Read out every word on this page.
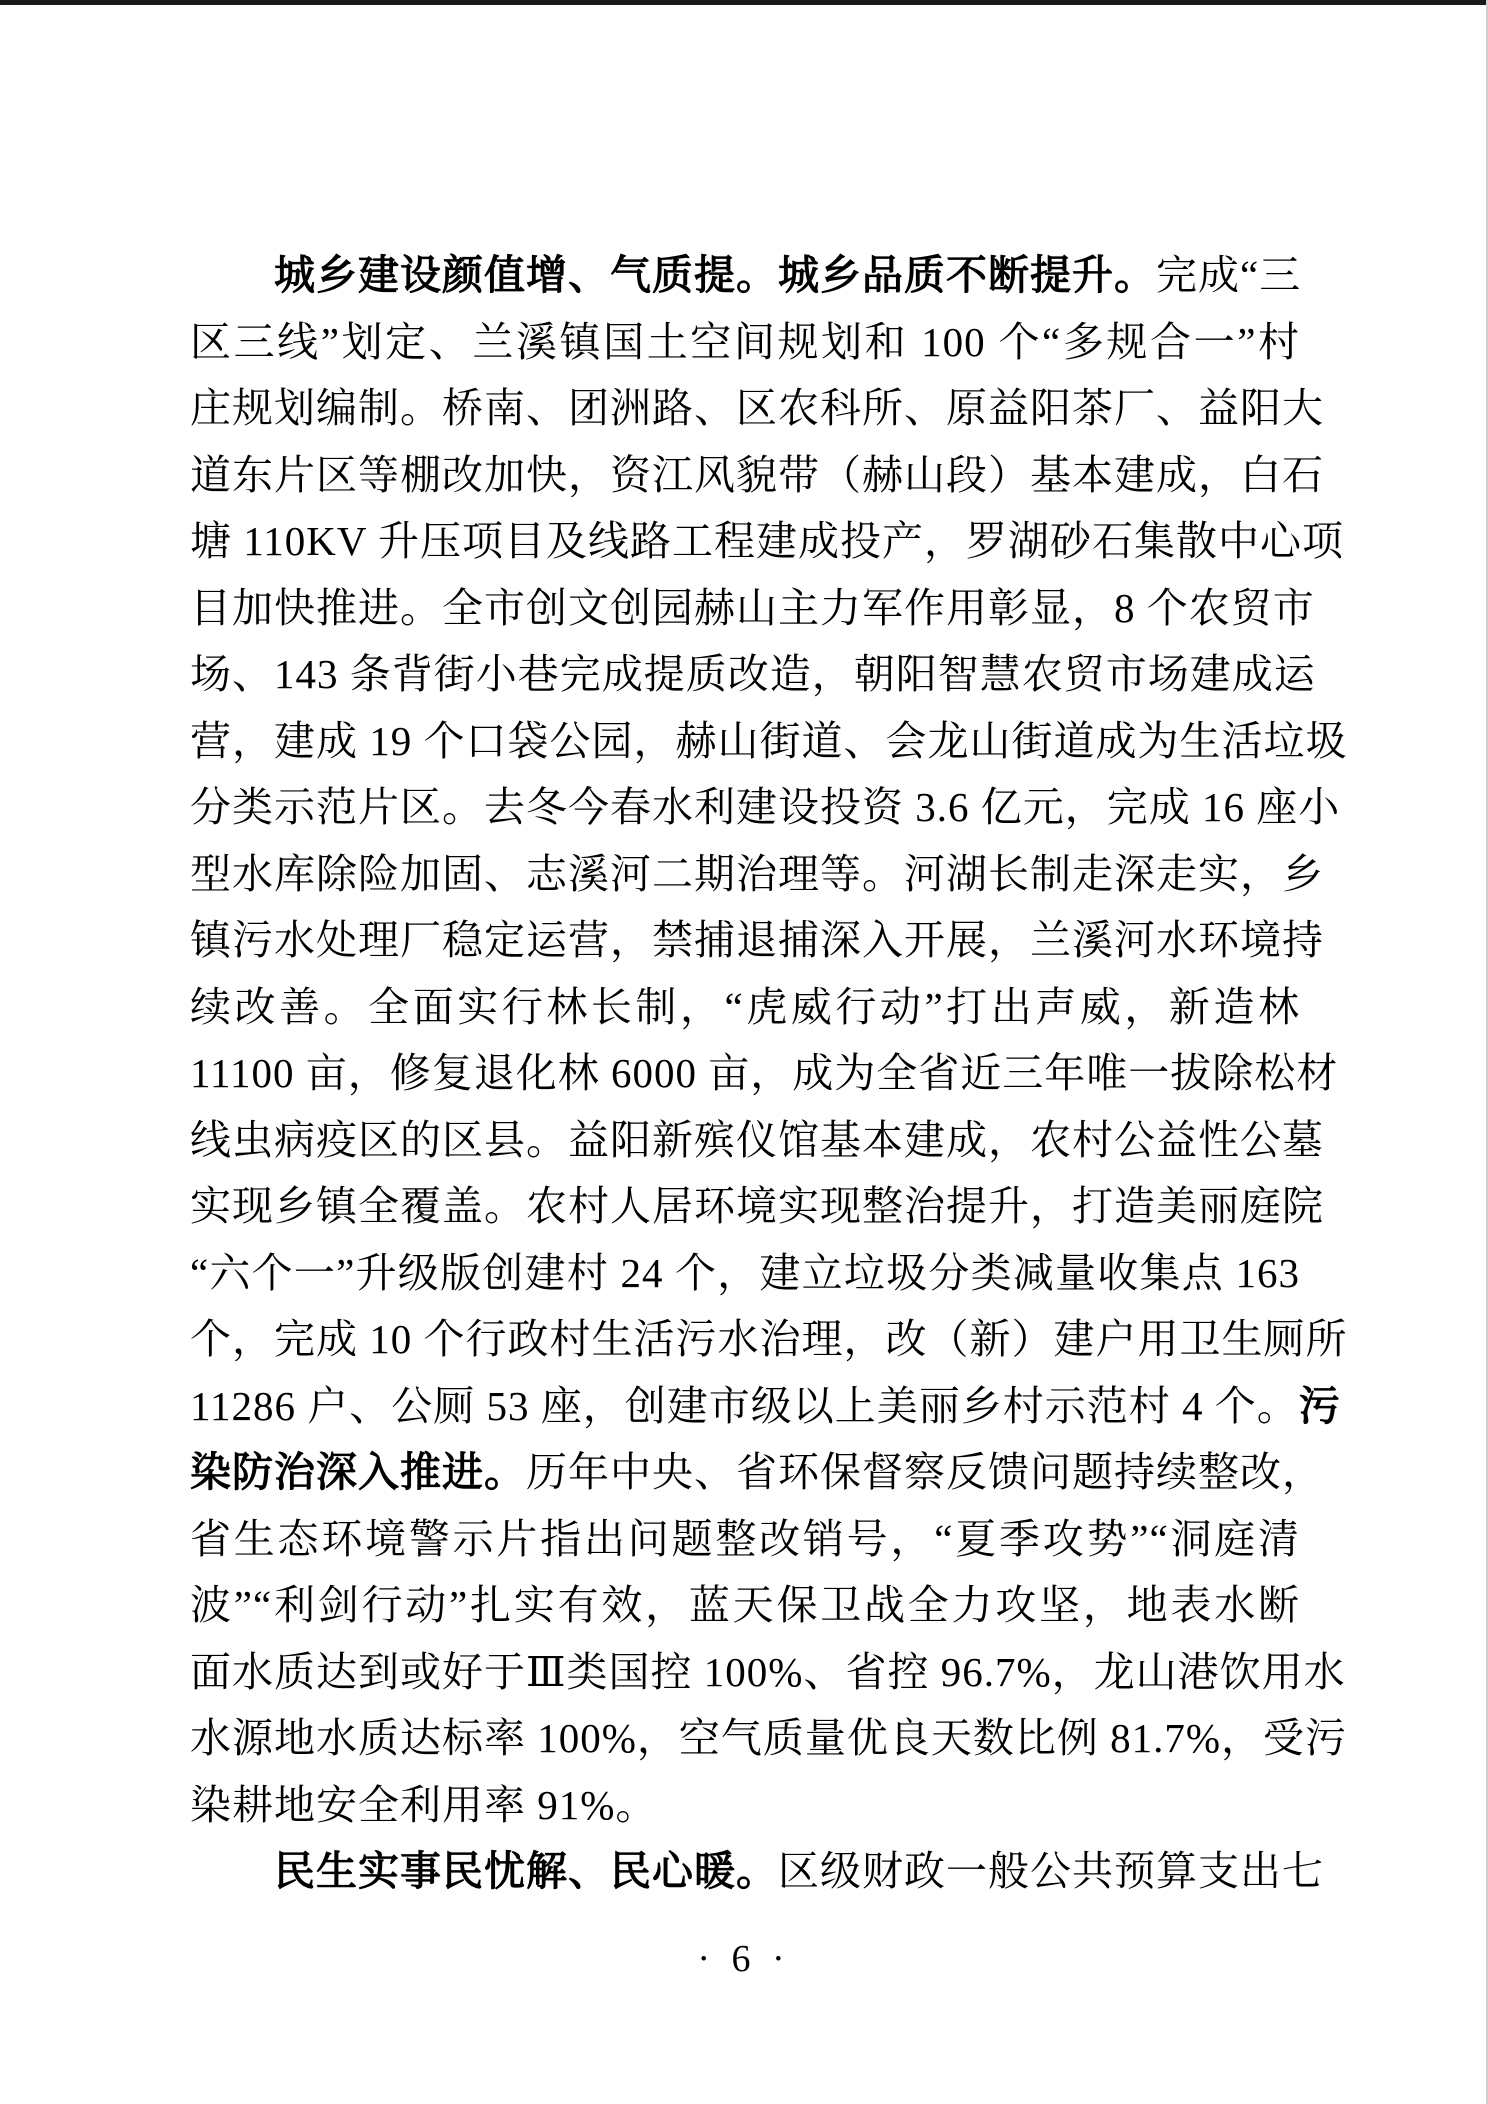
城乡建设颜值增、气质提。城乡品质不断提升。完成“三
区三线”划定、兰溪镇国土空间规划和 100 个“多规合一”村
庄规划编制。桥南、团洲路、区农科所、原益阳茶厂、益阳大
道东片区等棚改加快，资江风貌带（赫山段）基本建成，白石
塘 110KV 升压项目及线路工程建成投产，罗湖砂石集散中心项
目加快推进。全市创文创园赫山主力军作用彰显，8 个农贸市
场、143 条背街小巷完成提质改造，朝阳智慧农贸市场建成运
营，建成 19 个口袋公园，赫山街道、会龙山街道成为生活垃圾
分类示范片区。去冬今春水利建设投资 3.6 亿元，完成 16 座小
型水库除险加固、志溪河二期治理等。河湖长制走深走实，乡
镇污水处理厂稳定运营，禁捕退捕深入开展，兰溪河水环境持
续改善。全面实行林长制，“虎威行动”打出声威，新造林
11100 亩，修复退化林 6000 亩，成为全省近三年唯一拔除松材
线虫病疫区的区县。益阳新殡仪馆基本建成，农村公益性公墓
实现乡镇全覆盖。农村人居环境实现整治提升，打造美丽庭院
“六个一”升级版创建村 24 个，建立垃圾分类减量收集点 163
个，完成 10 个行政村生活污水治理，改（新）建户用卫生厕所
11286 户、公厕 53 座，创建市级以上美丽乡村示范村 4 个。污
染防治深入推进。历年中央、省环保督察反馈问题持续整改，
省生态环境警示片指出问题整改销号，“夏季攻势”“洞庭清
波”“利剑行动”扎实有效，蓝天保卫战全力攻坚，地表水断
面水质达到或好于Ⅲ类国控 100%、省控 96.7%，龙山港饮用水
水源地水质达标率 100%，空气质量优良天数比例 81.7%，受污
染耕地安全利用率 91%。
民生实事民忧解、民心暖。区级财政一般公共预算支出七
· 6 ·
